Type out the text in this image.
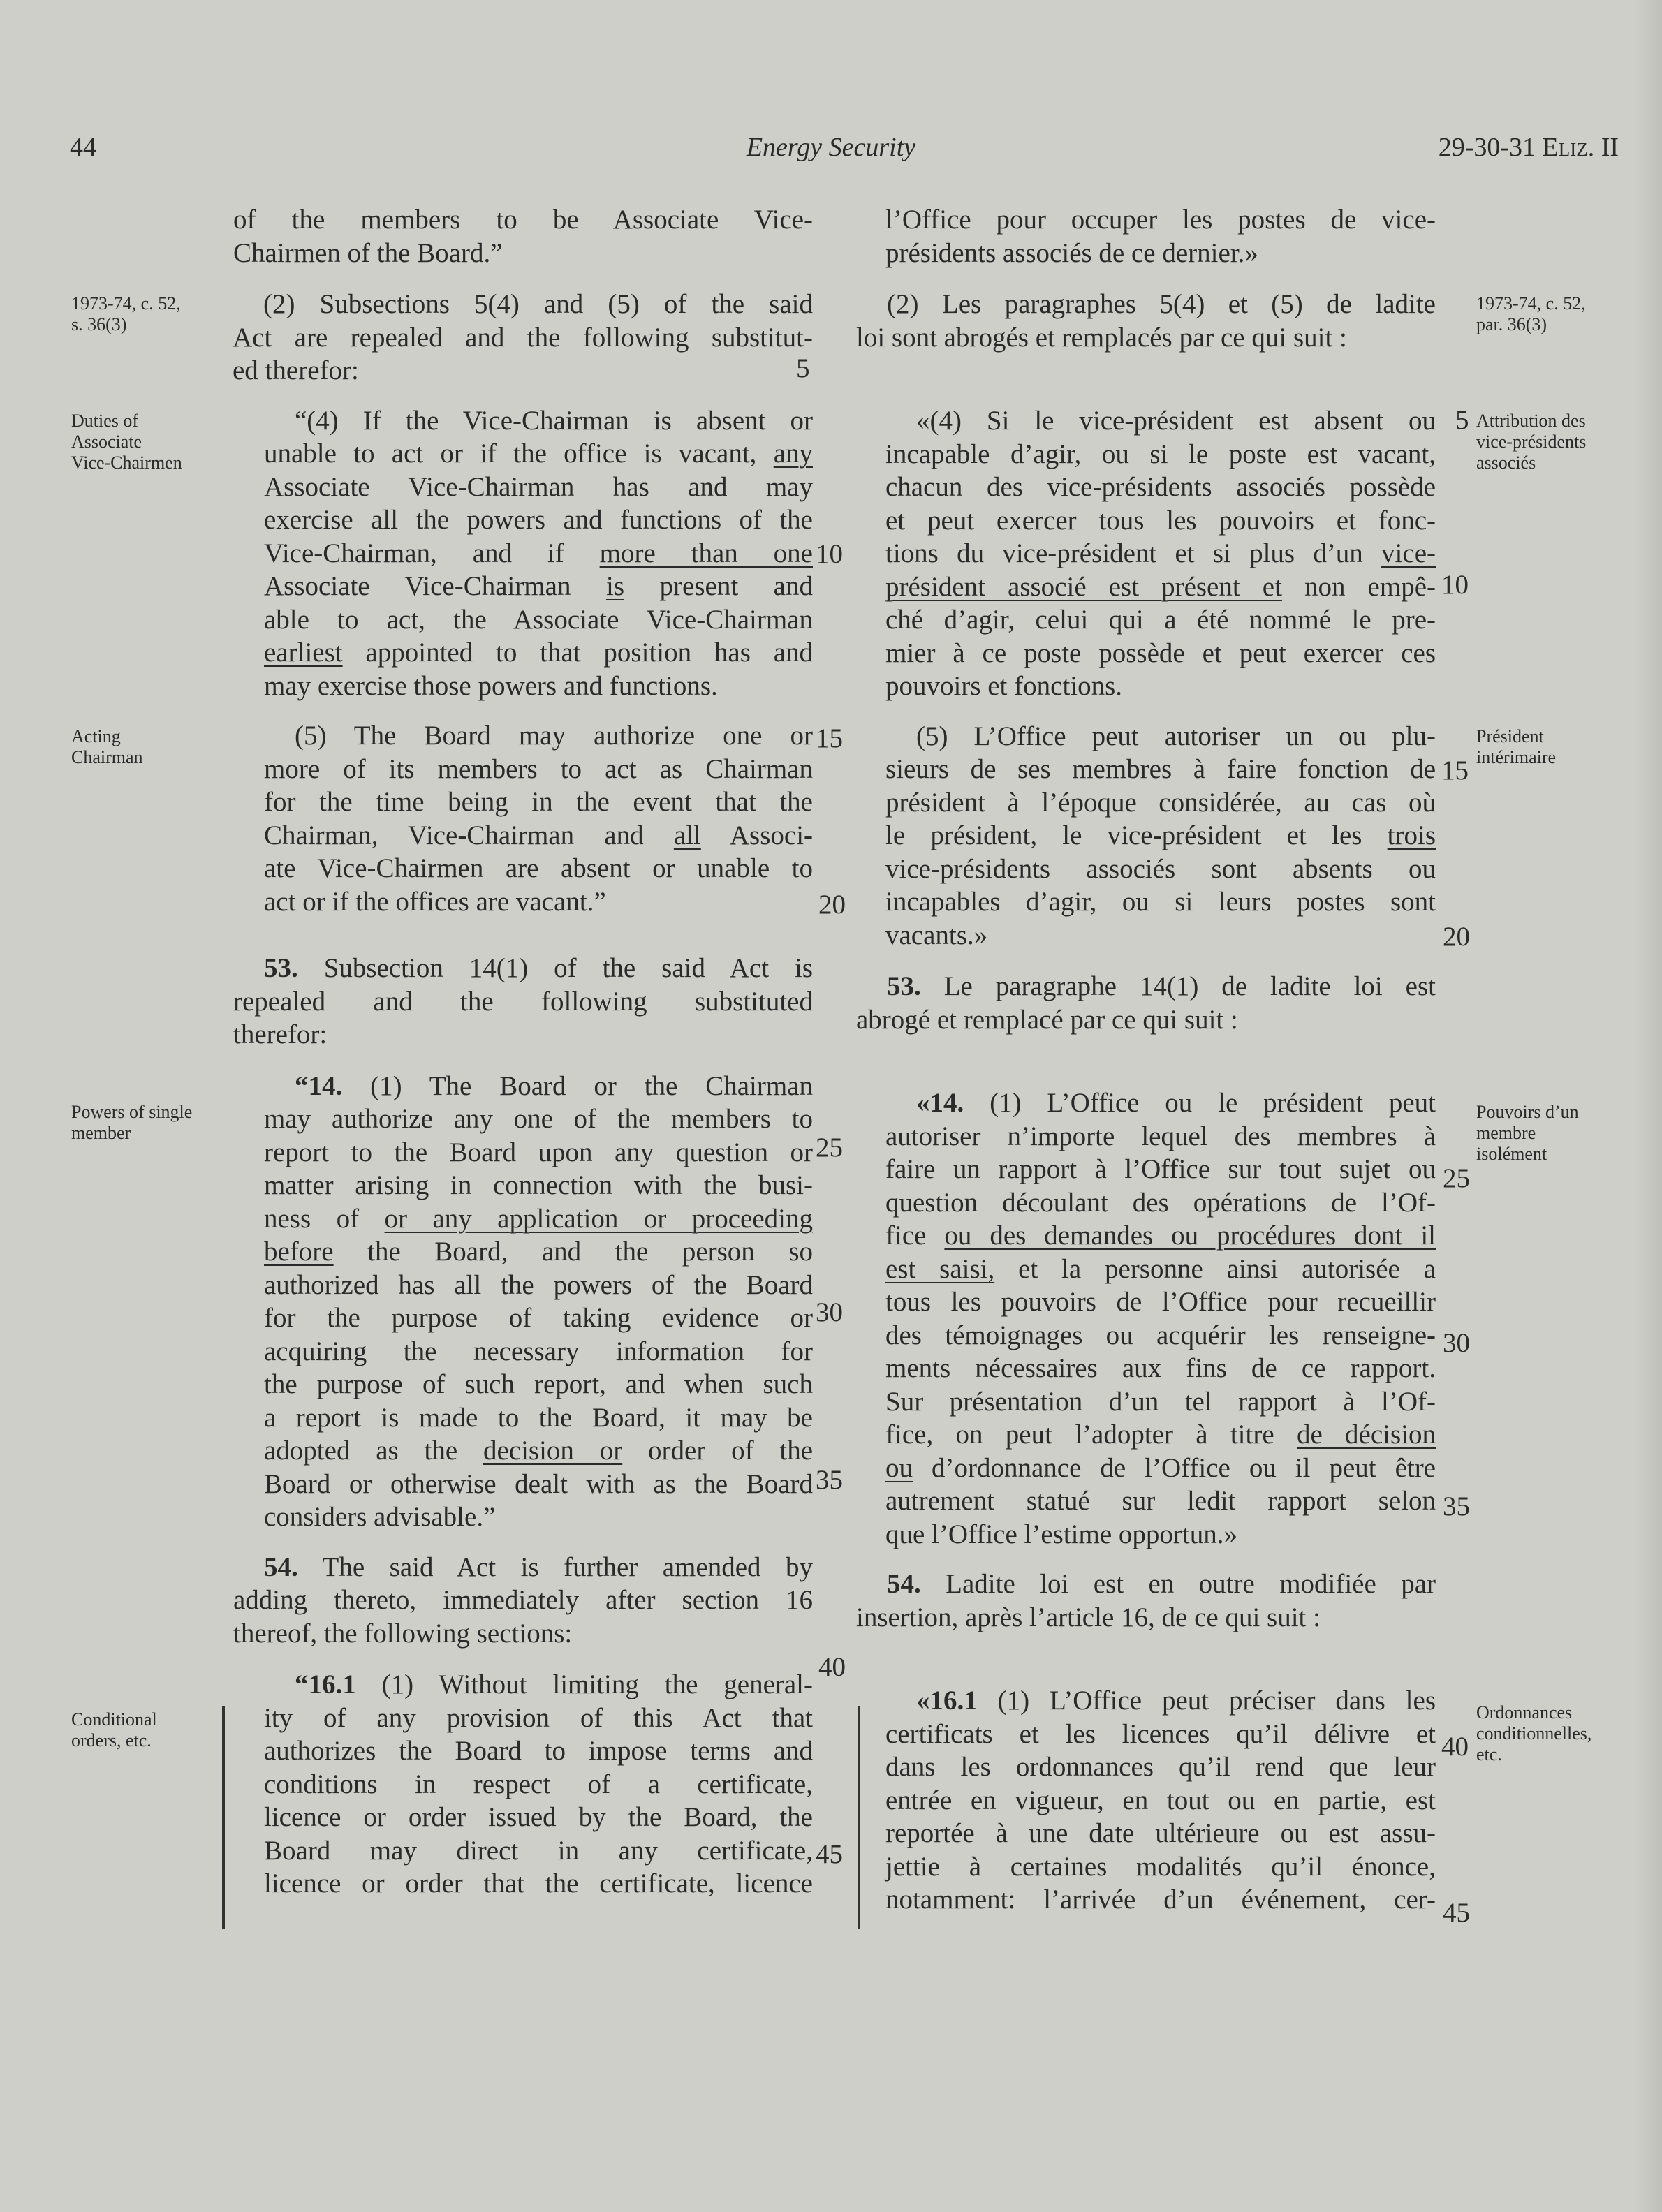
44	Energy Security	29-30-31 Eliz. II
1973-74, c. 52,
s. 36(3)
Duties of
Associate
Vice-Chairmen
Acting
Chairman
Powers of single
member
Conditional
orders, etc.
1973-74, c. 52,
par. 36(3)
Attribution des
vice-présidents
associés
Président
intérimaire
Pouvoirs d’un
membre
isolément
Ordonnances
conditionnelles,
etc.
5
10
15
20
25
30
35
40
45
5
10
15
20
25
30
35
40
45
of the members to be Associate Vice-
Chairmen of the Board.”
(2) Subsections 5(4) and (5) of the said
Act are repealed and the following substitut-
ed therefor:
“(4) If the Vice-Chairman is absent or
unable to act or if the office is vacant, any
Associate Vice-Chairman has and may
exercise all the powers and functions of the
Vice-Chairman, and if more than one
Associate Vice-Chairman is present and
able to act, the Associate Vice-Chairman
earliest appointed to that position has and
may exercise those powers and functions.
(5) The Board may authorize one or
more of its members to act as Chairman
for the time being in the event that the
Chairman, Vice-Chairman and all Associ-
ate Vice-Chairmen are absent or unable to
act or if the offices are vacant.”
53. Subsection 14(1) of the said Act is
repealed and the following substituted
therefor:
“14. (1) The Board or the Chairman
may authorize any one of the members to
report to the Board upon any question or
matter arising in connection with the busi-
ness of or any application or proceeding
before the Board, and the person so
authorized has all the powers of the Board
for the purpose of taking evidence or
acquiring the necessary information for
the purpose of such report, and when such
a report is made to the Board, it may be
adopted as the decision or order of the
Board or otherwise dealt with as the Board
considers advisable.”
54. The said Act is further amended by
adding thereto, immediately after section 16
thereof, the following sections:
“16.1 (1) Without limiting the general-
ity of any provision of this Act that
authorizes the Board to impose terms and
conditions in respect of a certificate,
licence or order issued by the Board, the
Board may direct in any certificate,
licence or order that the certificate, licence
l’Office pour occuper les postes de vice-
présidents associés de ce dernier.»
(2) Les paragraphes 5(4) et (5) de ladite
loi sont abrogés et remplacés par ce qui suit :
«(4) Si le vice-président est absent ou
incapable d’agir, ou si le poste est vacant,
chacun des vice-présidents associés possède
et peut exercer tous les pouvoirs et fonc-
tions du vice-président et si plus d’un vice-
président associé est présent et non empê-
ché d’agir, celui qui a été nommé le pre-
mier à ce poste possède et peut exercer ces
pouvoirs et fonctions.
(5) L’Office peut autoriser un ou plu-
sieurs de ses membres à faire fonction de
président à l’époque considérée, au cas où
le président, le vice-président et les trois
vice-présidents associés sont absents ou
incapables d’agir, ou si leurs postes sont
vacants.»
53. Le paragraphe 14(1) de ladite loi est
abrogé et remplacé par ce qui suit :
«14. (1) L’Office ou le président peut
autoriser n’importe lequel des membres à
faire un rapport à l’Office sur tout sujet ou
question découlant des opérations de l’Of-
fice ou des demandes ou procédures dont il
est saisi, et la personne ainsi autorisée a
tous les pouvoirs de l’Office pour recueillir
des témoignages ou acquérir les renseigne-
ments nécessaires aux fins de ce rapport.
Sur présentation d’un tel rapport à l’Of-
fice, on peut l’adopter à titre de décision
ou d’ordonnance de l’Office ou il peut être
autrement statué sur ledit rapport selon
que l’Office l’estime opportun.»
54. Ladite loi est en outre modifiée par
insertion, après l’article 16, de ce qui suit :
«16.1 (1) L’Office peut préciser dans les
certificats et les licences qu’il délivre et
dans les ordonnances qu’il rend que leur
entrée en vigueur, en tout ou en partie, est
reportée à une date ultérieure ou est assu-
jettie à certaines modalités qu’il énonce,
notamment: l’arrivée d’un événement, cer-
